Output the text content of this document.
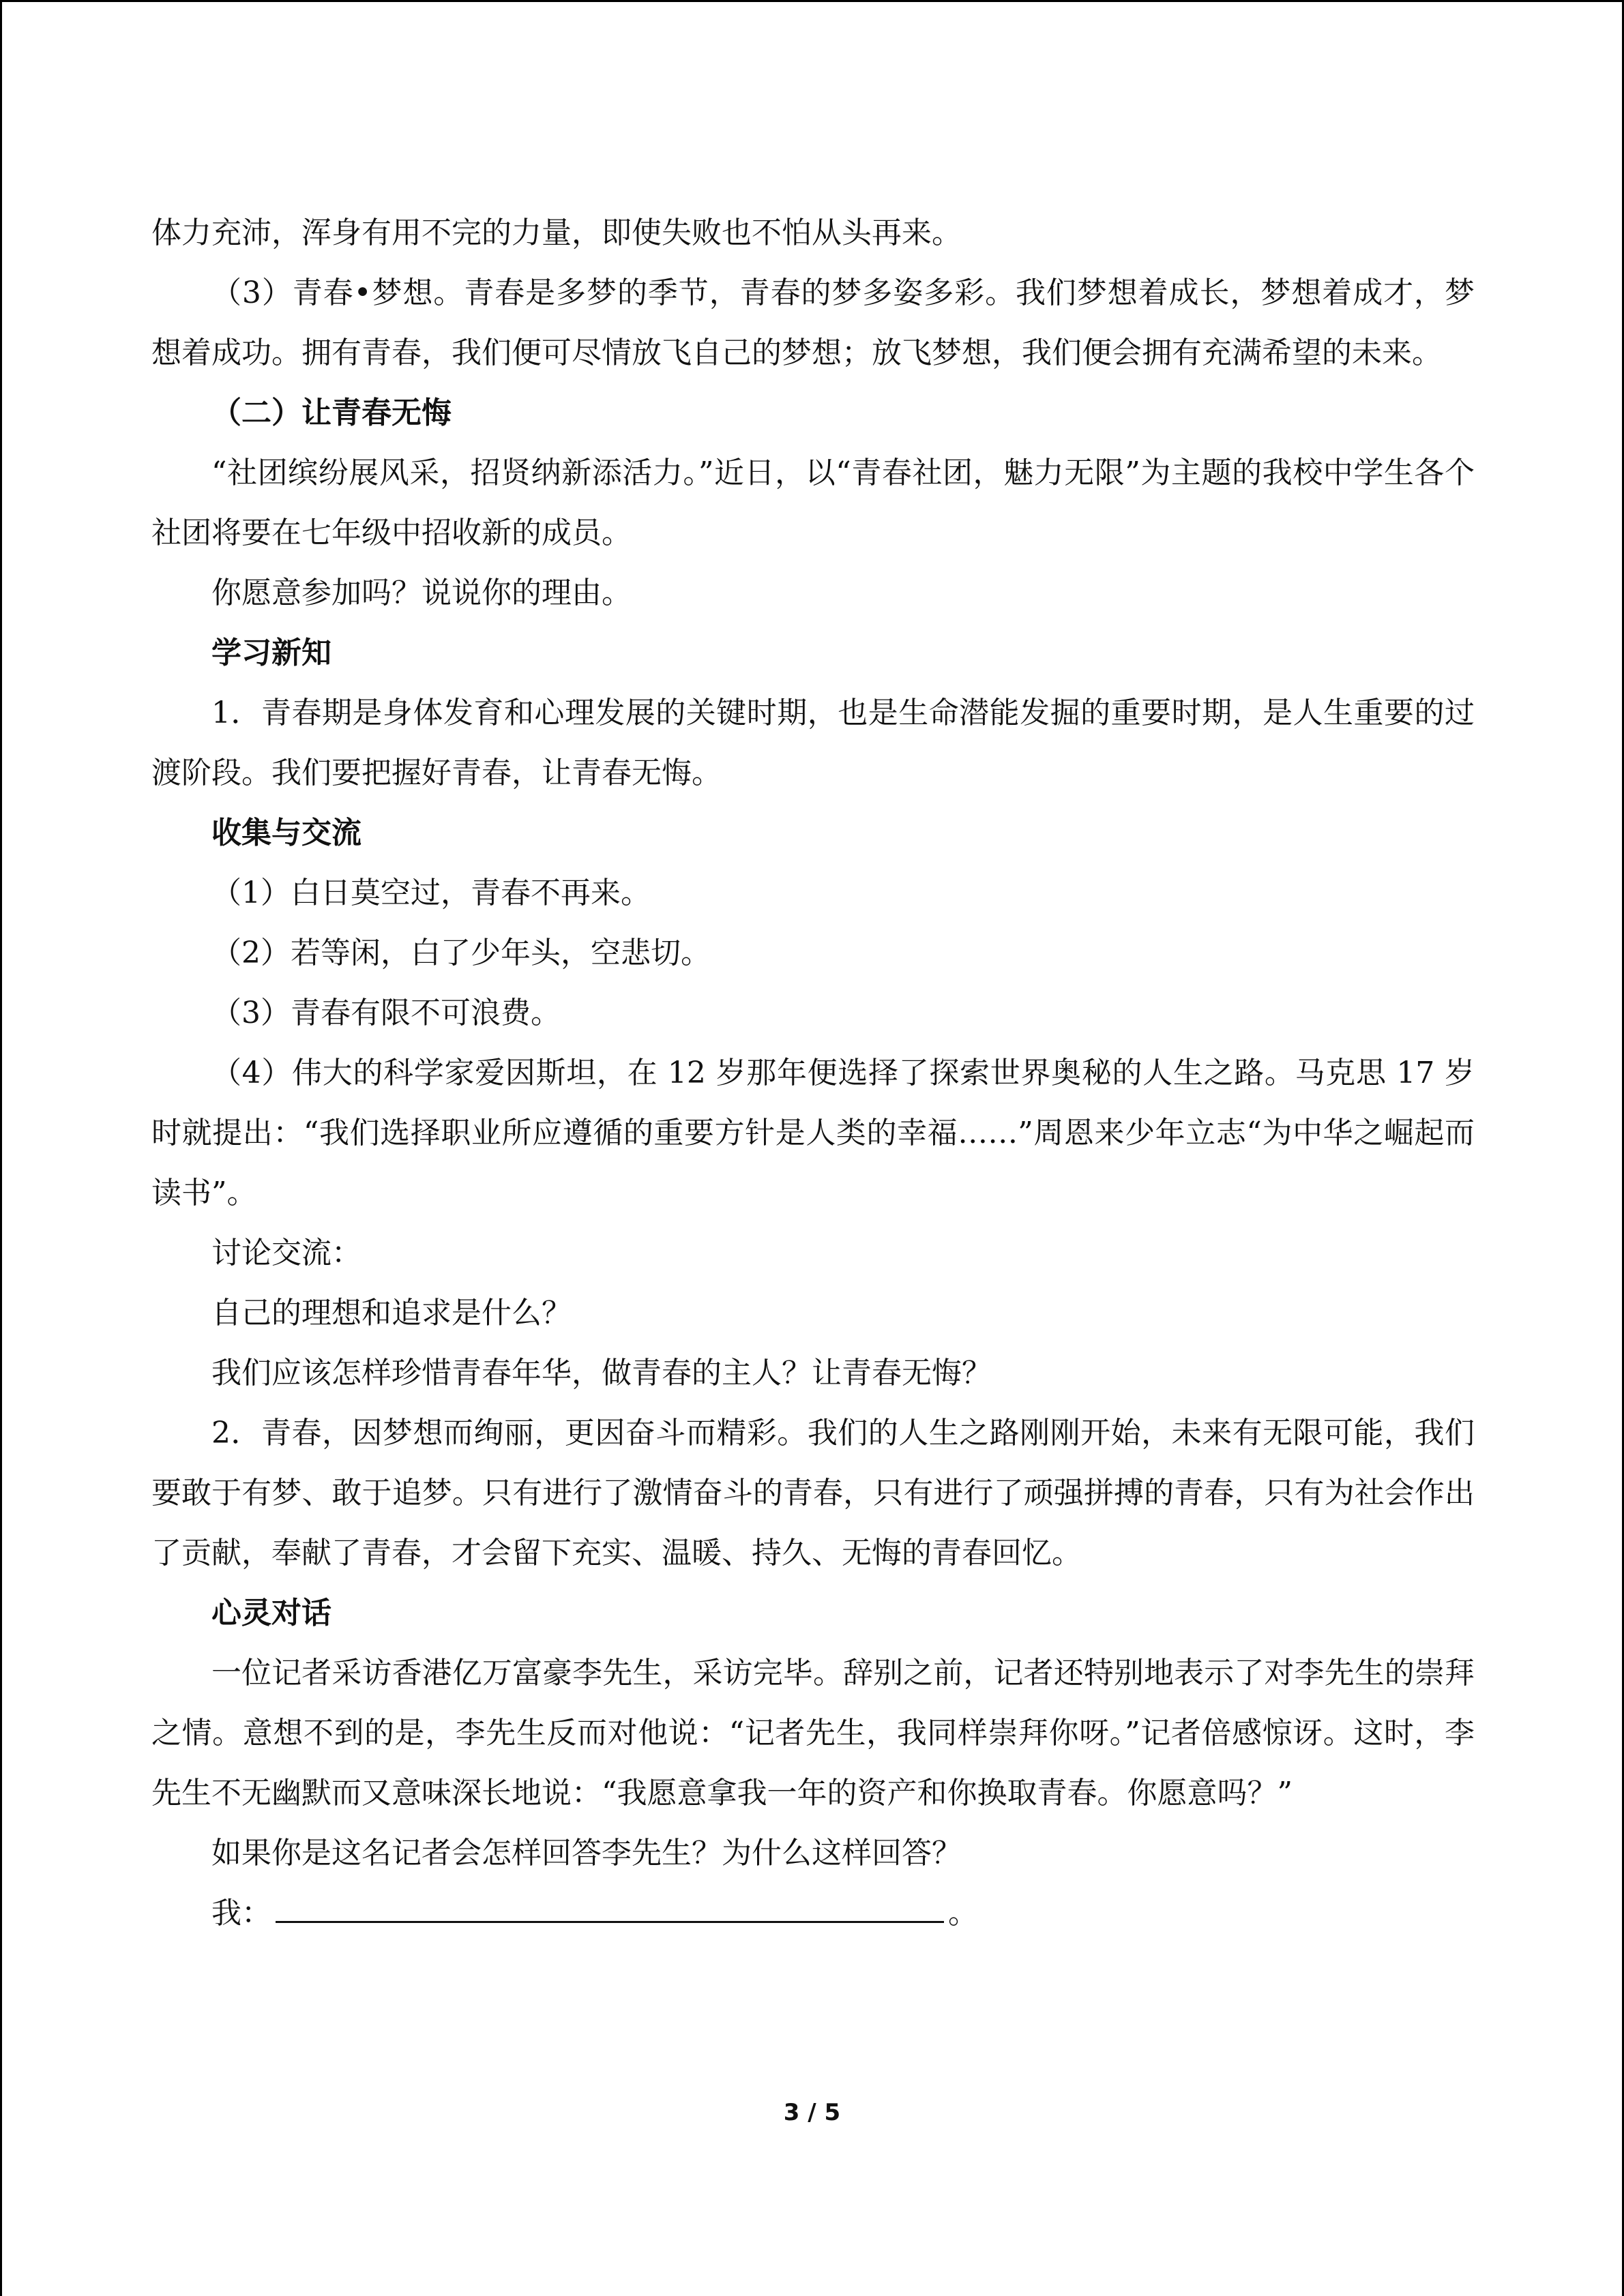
体力充沛，浑身有用不完的力量，即使失败也不怕从头再来。

（3）青春•梦想。青春是多梦的季节，青春的梦多姿多彩。我们梦想着成长，梦想着成才，梦想着成功。拥有青春，我们便可尽情放飞自己的梦想；放飞梦想，我们便会拥有充满希望的未来。

（二）让青春无悔

“社团缤纷展风采，招贤纳新添活力。”近日，以“青春社团，魅力无限”为主题的我校中学生各个社团将要在七年级中招收新的成员。

你愿意参加吗？说说你的理由。

学习新知

1．青春期是身体发育和心理发展的关键时期，也是生命潜能发掘的重要时期，是人生重要的过渡阶段。我们要把握好青春，让青春无悔。

收集与交流

（1）白日莫空过，青春不再来。

（2）若等闲，白了少年头，空悲切。

（3）青春有限不可浪费。

（4）伟大的科学家爱因斯坦，在 12 岁那年便选择了探索世界奥秘的人生之路。马克思 17 岁时就提出：“我们选择职业所应遵循的重要方针是人类的幸福……”周恩来少年立志“为中华之崛起而读书”。

讨论交流：

自己的理想和追求是什么？

我们应该怎样珍惜青春年华，做青春的主人？让青春无悔？

2．青春，因梦想而绚丽，更因奋斗而精彩。我们的人生之路刚刚开始，未来有无限可能，我们要敢于有梦、敢于追梦。只有进行了激情奋斗的青春，只有进行了顽强拼搏的青春，只有为社会作出了贡献，奉献了青春，才会留下充实、温暖、持久、无悔的青春回忆。

心灵对话

一位记者采访香港亿万富豪李先生，采访完毕。辞别之前，记者还特别地表示了对李先生的崇拜之情。意想不到的是，李先生反而对他说：“记者先生，我同样崇拜你呀。”记者倍感惊讶。这时，李先生不无幽默而又意味深长地说：“我愿意拿我一年的资产和你换取青春。你愿意吗？”

如果你是这名记者会怎样回答李先生？为什么这样回答？

我：	。

3 / 5
